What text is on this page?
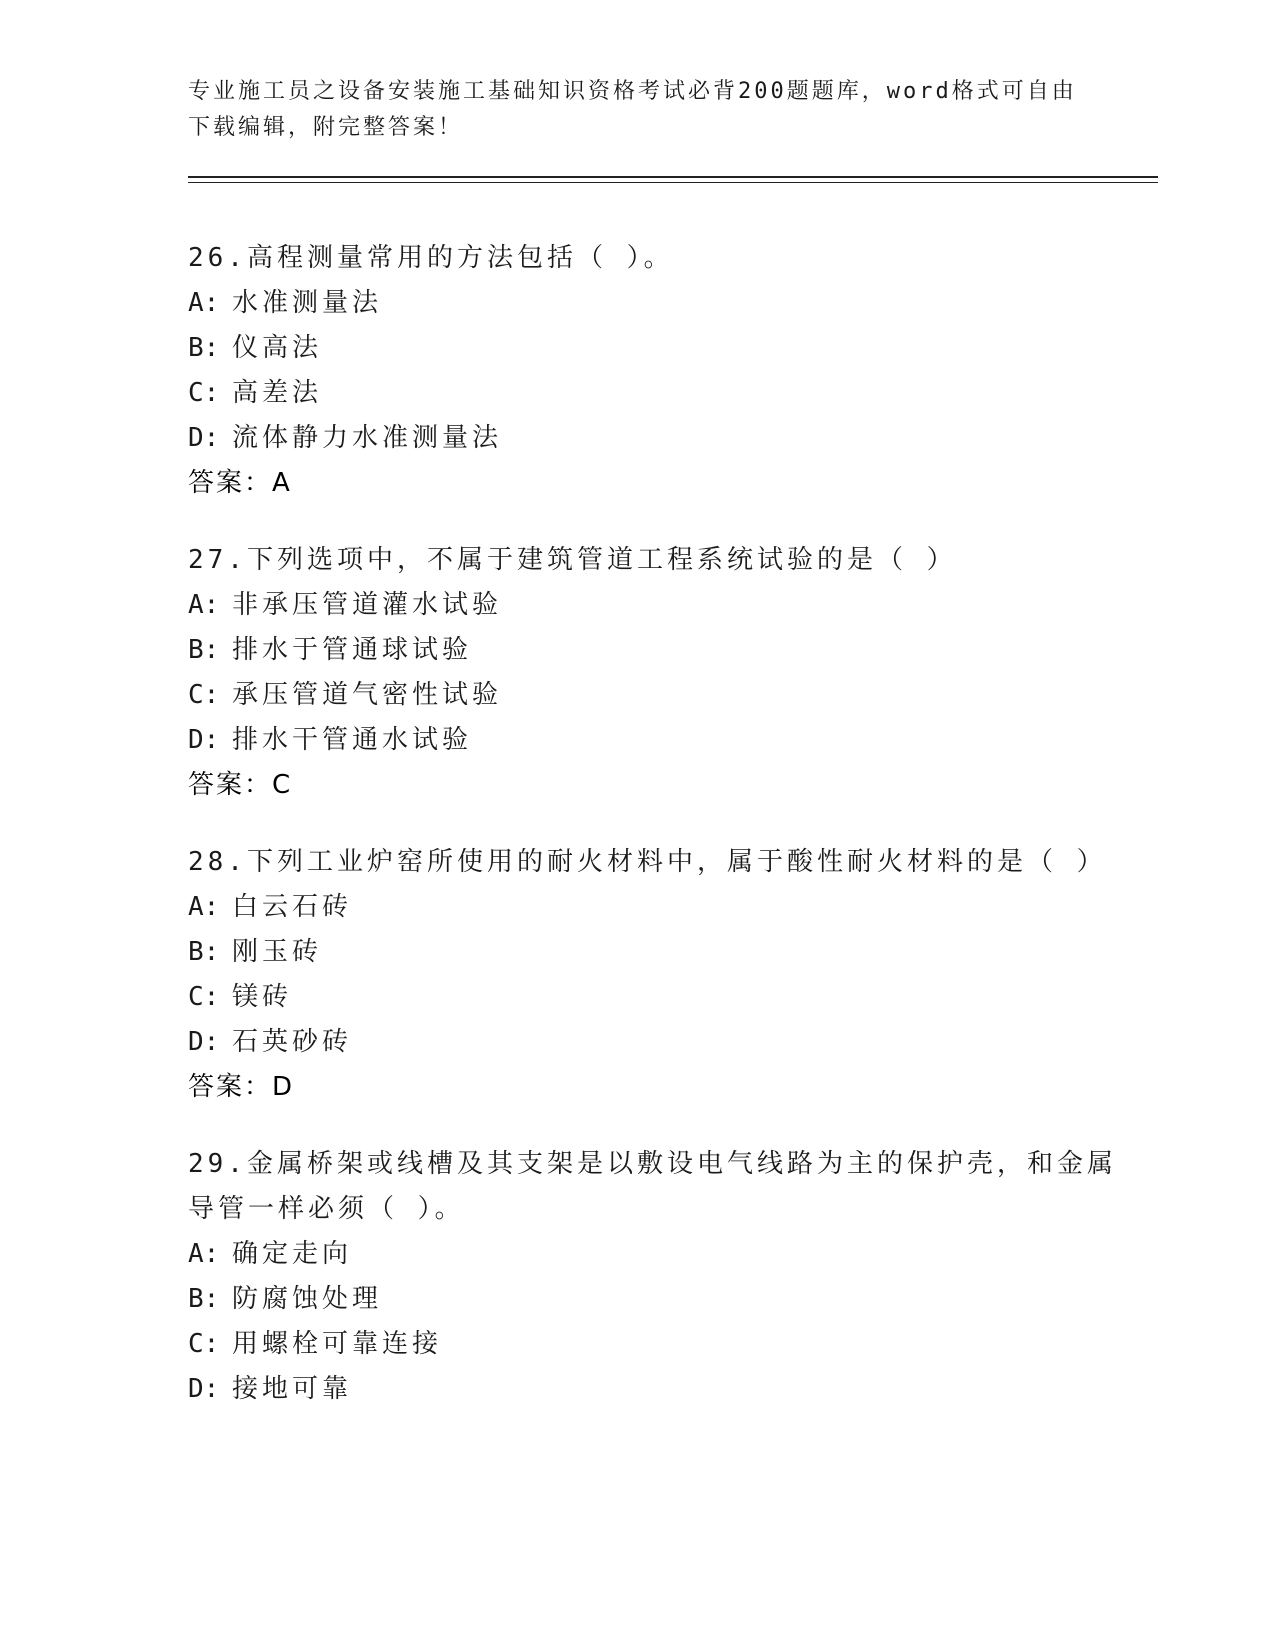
专业施工员之设备安装施工基础知识资格考试必背200题题库，word格式可自由
下载编辑，附完整答案！
26.高程测量常用的方法包括（ ）。
A: 水准测量法
B: 仪高法
C: 高差法
D: 流体静力水准测量法
答案：A
27.下列选项中，不属于建筑管道工程系统试验的是（ ）
A: 非承压管道灌水试验
B: 排水于管通球试验
C: 承压管道气密性试验
D: 排水干管通水试验
答案：C
28.下列工业炉窑所使用的耐火材料中，属于酸性耐火材料的是（ ）
A: 白云石砖
B: 刚玉砖
C: 镁砖
D: 石英砂砖
答案：D
29.金属桥架或线槽及其支架是以敷设电气线路为主的保护壳，和金属
导管一样必须（ ）。
A: 确定走向
B: 防腐蚀处理
C: 用螺栓可靠连接
D: 接地可靠
